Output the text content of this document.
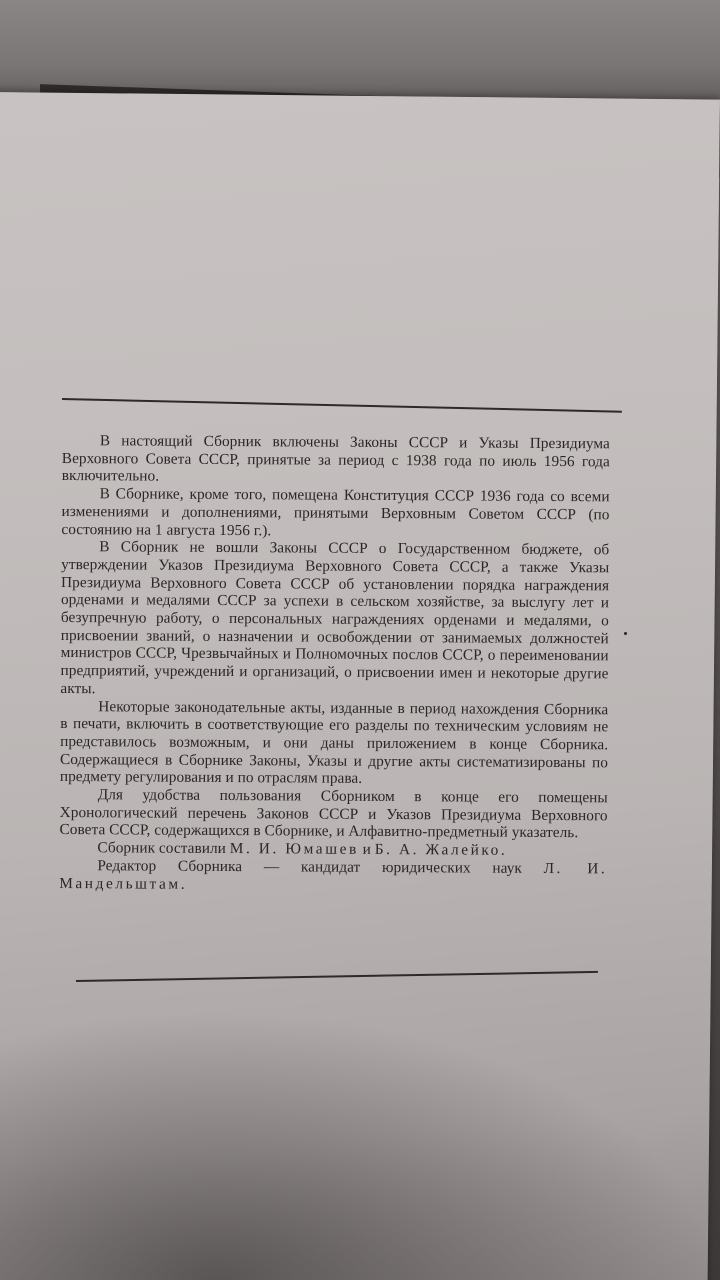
В настоящий Сборник включены Законы СССР и Указы Президиума Верховного Совета СССР, принятые за период с 1938 года по июль 1956 года включительно.

В Сборнике, кроме того, помещена Конституция СССР 1936 года со всеми изменениями и дополнениями, принятыми Верховным Советом СССР (по состоянию на 1 августа 1956 г.).

В Сборник не вошли Законы СССР о Государственном бюджете, об утверждении Указов Президиума Верховного Совета СССР, а также Указы Президиума Верховного Совета СССР об установлении порядка награждения орденами и медалями СССР за успехи в сельском хозяйстве, за выслугу лет и безупречную работу, о персональных награждениях орденами и медалями, о присвоении званий, о назначении и освобождении от занимаемых должностей министров СССР, Чрезвычайных и Полномочных послов СССР, о переименовании предприятий, учреждений и организаций, о присвоении имен и некоторые другие акты.

Некоторые законодательные акты, изданные в период нахождения Сборника в печати, включить в соответствующие его разделы по техническим условиям не представилось возможным, и они даны приложением в конце Сборника. Содержащиеся в Сборнике Законы, Указы и другие акты систематизированы по предмету регулирования и по отраслям права.

Для удобства пользования Сборником в конце его помещены Хронологический перечень Законов СССР и Указов Президиума Верховного Совета СССР, содержащихся в Сборнике, и Алфавитно-предметный указатель.

Сборник составили М. И. Юмашев и Б. А. Жалейко.

Редактор Сборника — кандидат юридических наук Л. И. Мандельштам.
